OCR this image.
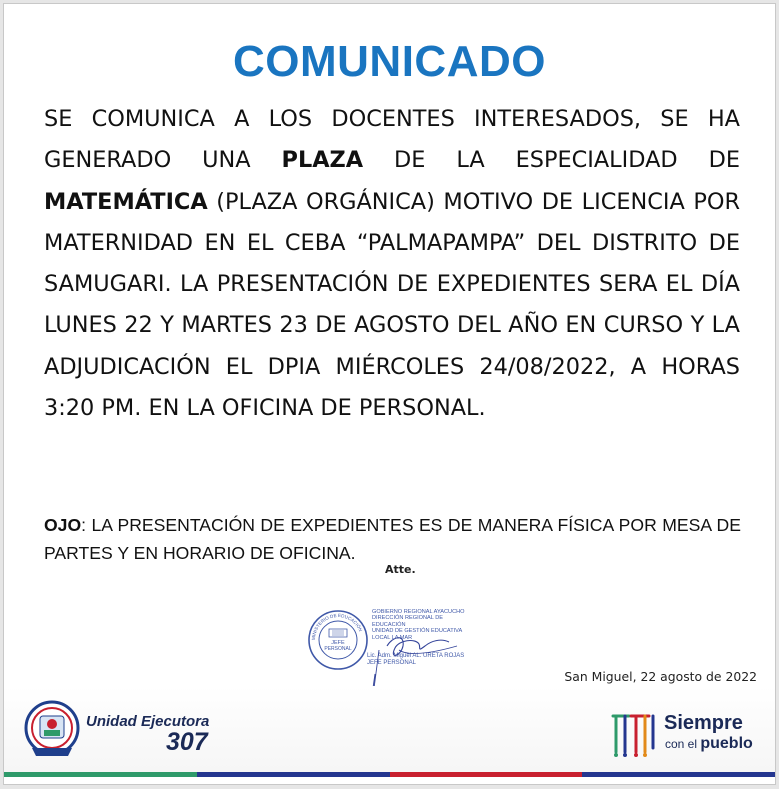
COMUNICADO
SE COMUNICA A LOS DOCENTES INTERESADOS, SE HA GENERADO UNA PLAZA DE LA ESPECIALIDAD DE MATEMÁTICA (PLAZA ORGÁNICA) MOTIVO DE LICENCIA POR MATERNIDAD EN EL CEBA “PALMAPAMPA” DEL DISTRITO DE SAMUGARI. LA PRESENTACIÓN DE EXPEDIENTES SERA EL DÍA LUNES 22 Y MARTES 23 DE AGOSTO DEL AÑO EN CURSO Y LA ADJUDICACIÓN EL DPIA MIÉRCOLES 24/08/2022, A HORAS 3:20 PM. EN LA OFICINA DE PERSONAL.
OJO: LA PRESENTACIÓN DE EXPEDIENTES ES DE MANERA FÍSICA POR MESA DE PARTES Y EN HORARIO DE OFICINA.
Atte.
JEFE
PERSONAL
MINISTERIO DE EDUCACIÓN
GOBIERNO REGIONAL AYACUCHO
DIRECCIÓN REGIONAL DE EDUCACIÓN
UNIDAD DE GESTIÓN EDUCATIVA LOCAL LA MAR
Lic. Adm. Miguel AL. URETA ROJAS
JEFE PERSONAL
San Miguel, 22 agosto de 2022
Unidad Ejecutora
307
Siempre
con el pueblo
